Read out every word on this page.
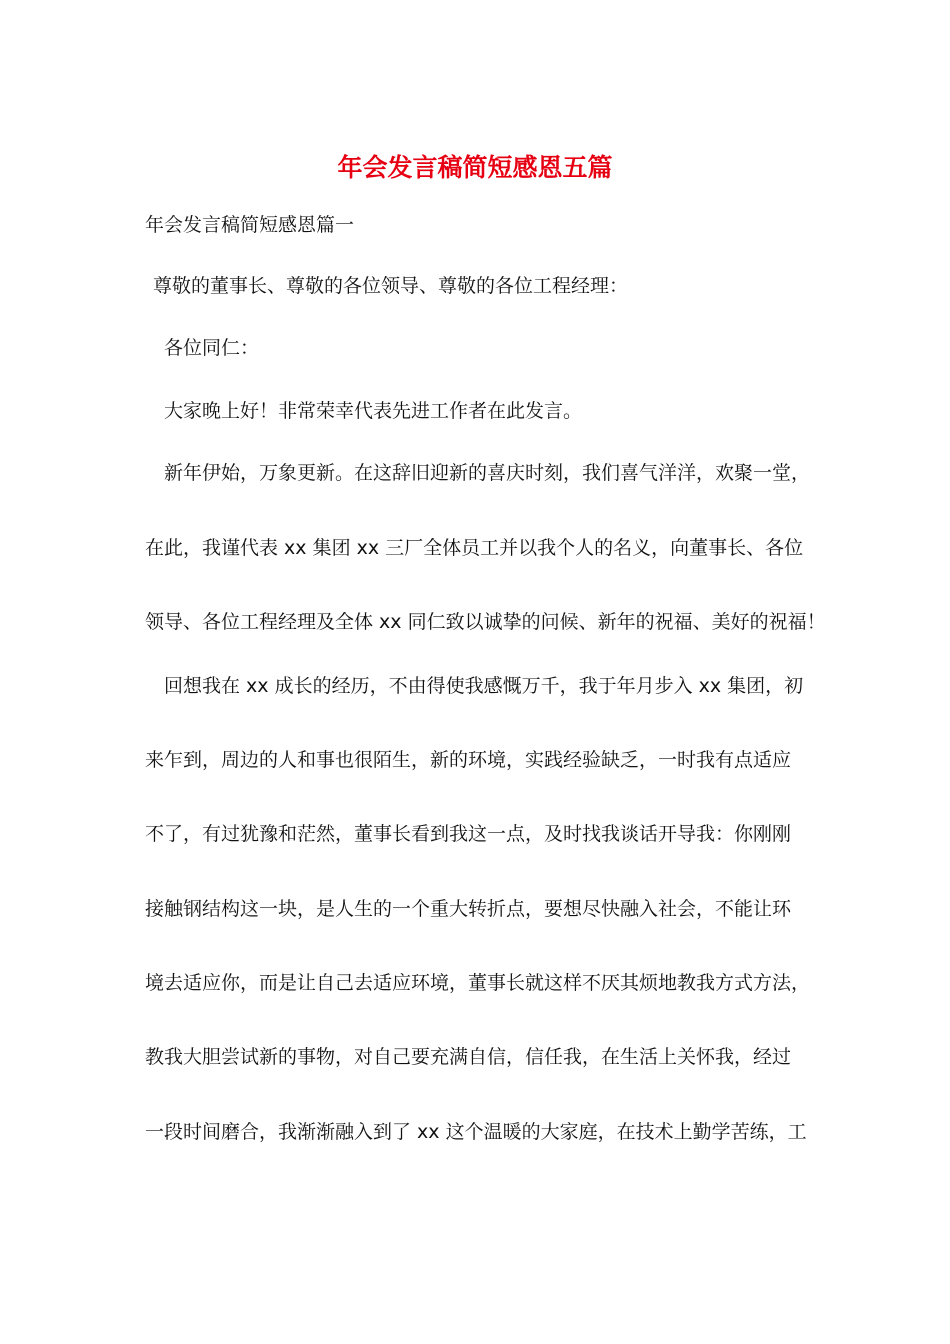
年会发言稿简短感恩五篇
年会发言稿简短感恩篇一
尊敬的董事长、尊敬的各位领导、尊敬的各位工程经理：
各位同仁：
大家晚上好！非常荣幸代表先进工作者在此发言。
新年伊始，万象更新。在这辞旧迎新的喜庆时刻，我们喜气洋洋，欢聚一堂，
在此，我谨代表 xx 集团 xx 三厂全体员工并以我个人的名义，向董事长、各位
领导、各位工程经理及全体 xx 同仁致以诚挚的问候、新年的祝福、美好的祝福！
回想我在 xx 成长的经历，不由得使我感慨万千，我于年月步入 xx 集团，初
来乍到，周边的人和事也很陌生，新的环境，实践经验缺乏，一时我有点适应
不了，有过犹豫和茫然，董事长看到我这一点，及时找我谈话开导我：你刚刚
接触钢结构这一块，是人生的一个重大转折点，要想尽快融入社会，不能让环
境去适应你，而是让自己去适应环境，董事长就这样不厌其烦地教我方式方法，
教我大胆尝试新的事物，对自己要充满自信，信任我，在生活上关怀我，经过
一段时间磨合，我渐渐融入到了 xx 这个温暖的大家庭，在技术上勤学苦练，工
